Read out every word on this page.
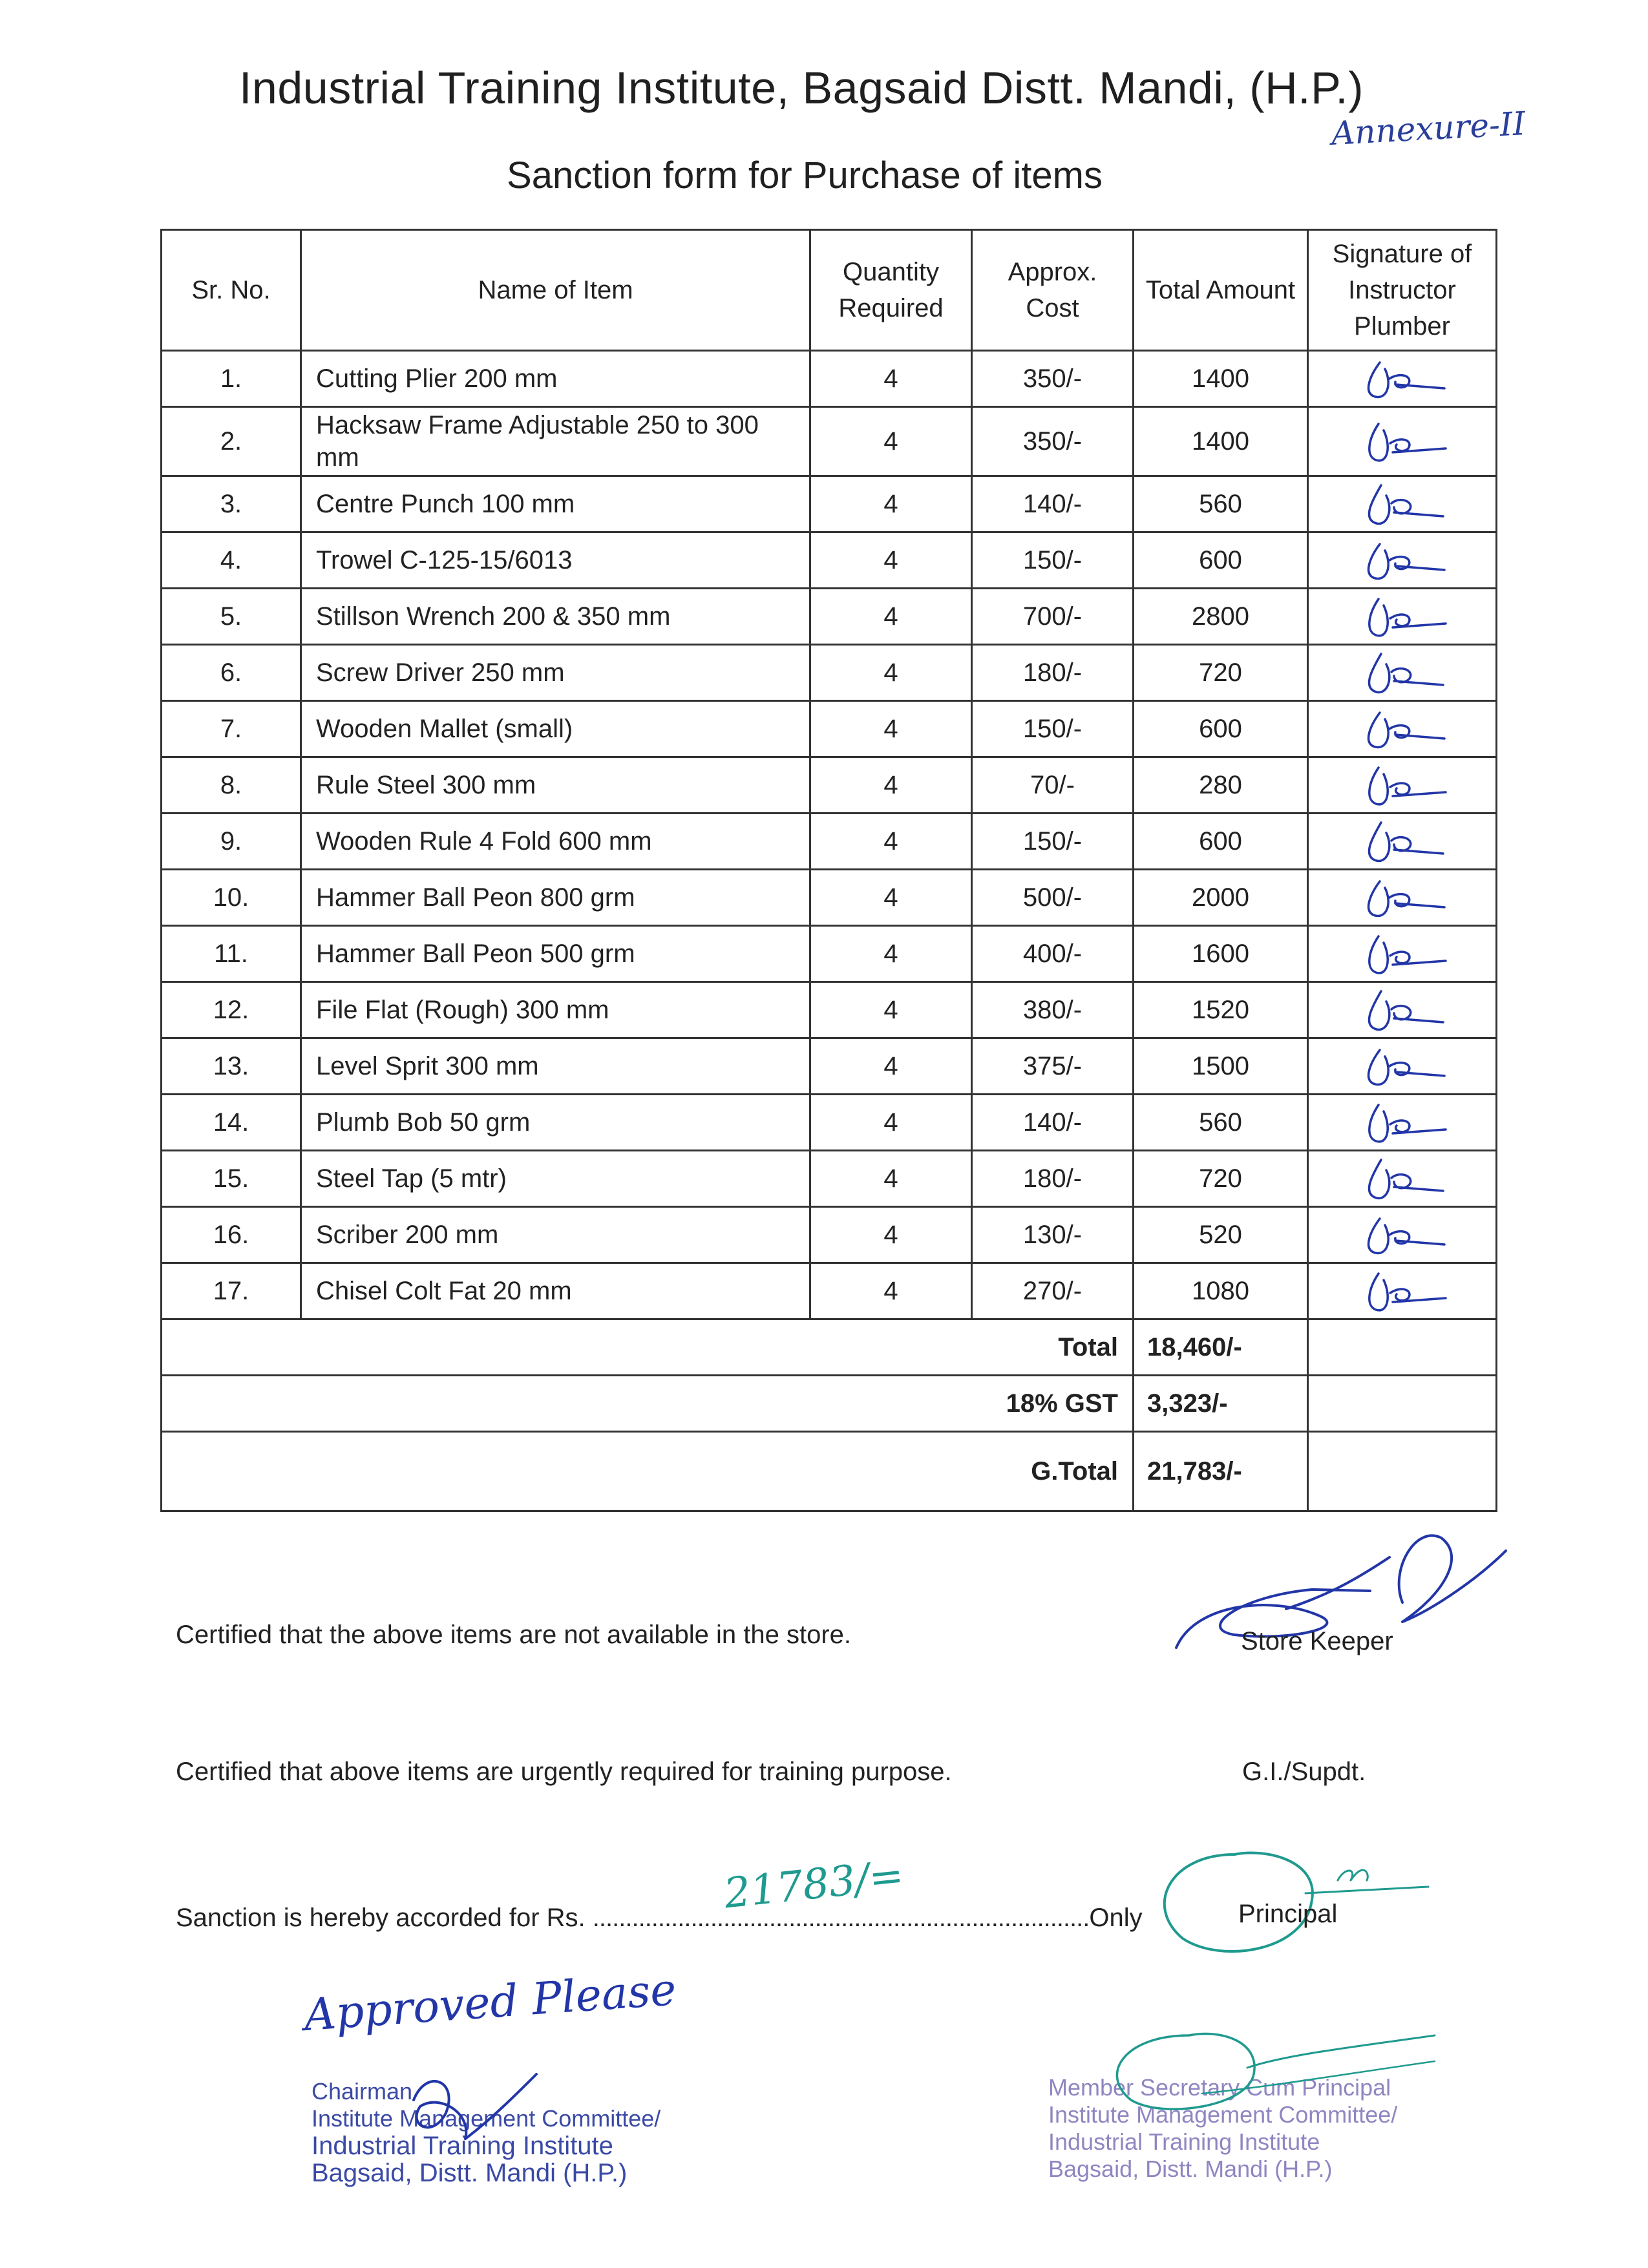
Industrial Training Institute, Bagsaid Distt. Mandi, (H.P.)
Annexure-II
Sanction form for Purchase of items
Sr. No.	Name of Item	Quantity Required	Approx. Cost	Total Amount	Signature of Instructor Plumber
1.	Cutting Plier 200 mm	4	350/-	1400	

2.	Hacksaw Frame Adjustable 250 to 300 mm	4	350/-	1400	

3.	Centre Punch 100 mm	4	140/-	560	

4.	Trowel C-125-15/6013	4	150/-	600	

5.	Stillson Wrench 200 & 350 mm	4	700/-	2800	

6.	Screw Driver 250 mm	4	180/-	720	

7.	Wooden Mallet (small)	4	150/-	600	

8.	Rule Steel 300 mm	4	70/-	280	

9.	Wooden Rule 4 Fold 600 mm	4	150/-	600	

10.	Hammer Ball Peon 800 grm	4	500/-	2000	

11.	Hammer Ball Peon 500 grm	4	400/-	1600	

12.	File Flat (Rough) 300 mm	4	380/-	1520	

13.	Level Sprit 300 mm	4	375/-	1500	

14.	Plumb Bob 50 grm	4	140/-	560	

15.	Steel Tap (5 mtr)	4	180/-	720	

16.	Scriber 200 mm	4	130/-	520	

17.	Chisel Colt Fat 20 mm	4	270/-	1080	

Total				18,460/-	
18% GST				3,323/-	
G.Total				21,783/-	
Certified that the above items are not available in the store.	Store Keeper
Certified that above items are urgently required for training purpose.	G.I./Supdt.
Sanction is hereby accorded for Rs. ............................................................................Only
21783/=	Principal
Approved Please
Chairman
Institute Management Committee/
Industrial Training Institute
Bagsaid, Distt. Mandi (H.P.)
Member Secretary Cum Principal
Institute Management Committee/
Industrial Training Institute
Bagsaid, Distt. Mandi (H.P.)
